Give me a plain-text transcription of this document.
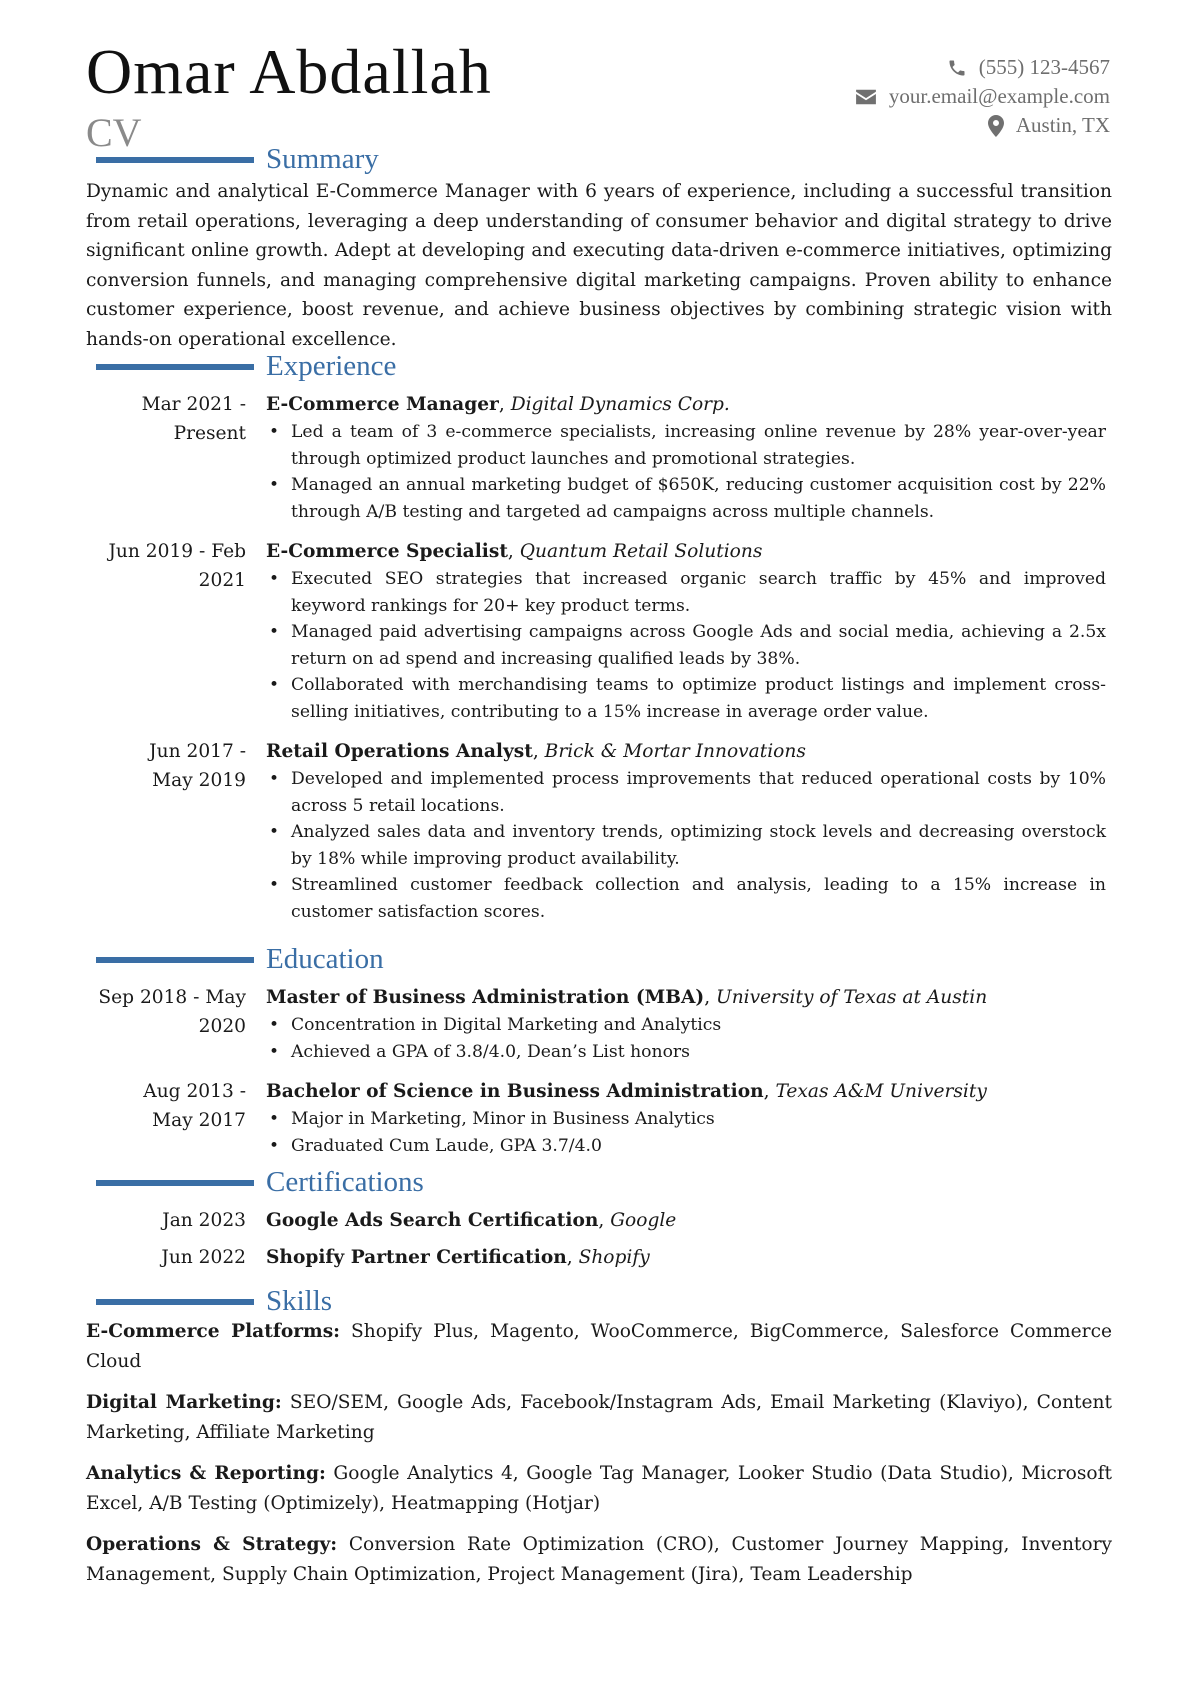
Omar Abdallah
CV
(555) 123-4567
your.email@example.com
Austin, TX
Summary

Dynamic and analytical E-Commerce Manager with 6 years of experience, including a successful transition from retail operations, leveraging a deep understanding of consumer behavior and digital strategy to drive significant online growth. Adept at developing and executing data-driven e-commerce initiatives, optimizing conversion funnels, and managing comprehensive digital marketing campaigns. Proven ability to enhance customer experience, boost revenue, and achieve business objectives by combining strategic vision with hands-on operational excellence.

Experience
Mar 2021 -
Present
E-Commerce Manager, Digital Dynamics Corp.
• Led a team of 3 e-commerce specialists, increasing online revenue by 28% year-over-year through optimized product launches and promotional strategies.
• Managed an annual marketing budget of $650K, reducing customer acquisition cost by 22% through A/B testing and targeted ad campaigns across multiple channels.
Jun 2019 - Feb
2021
E-Commerce Specialist, Quantum Retail Solutions
• Executed SEO strategies that increased organic search traffic by 45% and improved keyword rankings for 20+ key product terms.
• Managed paid advertising campaigns across Google Ads and social media, achieving a 2.5x return on ad spend and increasing qualified leads by 38%.
• Collaborated with merchandising teams to optimize product listings and implement cross-selling initiatives, contributing to a 15% increase in average order value.
Jun 2017 -
May 2019
Retail Operations Analyst, Brick & Mortar Innovations
• Developed and implemented process improvements that reduced operational costs by 10% across 5 retail locations.
• Analyzed sales data and inventory trends, optimizing stock levels and decreasing overstock by 18% while improving product availability.
• Streamlined customer feedback collection and analysis, leading to a 15% increase in customer satisfaction scores.
Education
Sep 2018 - May
2020
Master of Business Administration (MBA), University of Texas at Austin
• Concentration in Digital Marketing and Analytics
• Achieved a GPA of 3.8/4.0, Dean’s List honors
Aug 2013 -
May 2017
Bachelor of Science in Business Administration, Texas A&M University
• Major in Marketing, Minor in Business Analytics
• Graduated Cum Laude, GPA 3.7/4.0
Certifications
Jan 2023 Google Ads Search Certification, Google
Jun 2022 Shopify Partner Certification, Shopify
Skills
E-Commerce Platforms: Shopify Plus, Magento, WooCommerce, BigCommerce, Salesforce Commerce Cloud
Digital Marketing: SEO/SEM, Google Ads, Facebook/Instagram Ads, Email Marketing (Klaviyo), Content Marketing, Affiliate Marketing
Analytics & Reporting: Google Analytics 4, Google Tag Manager, Looker Studio (Data Studio), Microsoft Excel, A/B Testing (Optimizely), Heatmapping (Hotjar)
Operations & Strategy: Conversion Rate Optimization (CRO), Customer Journey Mapping, Inventory Management, Supply Chain Optimization, Project Management (Jira), Team Leadership
